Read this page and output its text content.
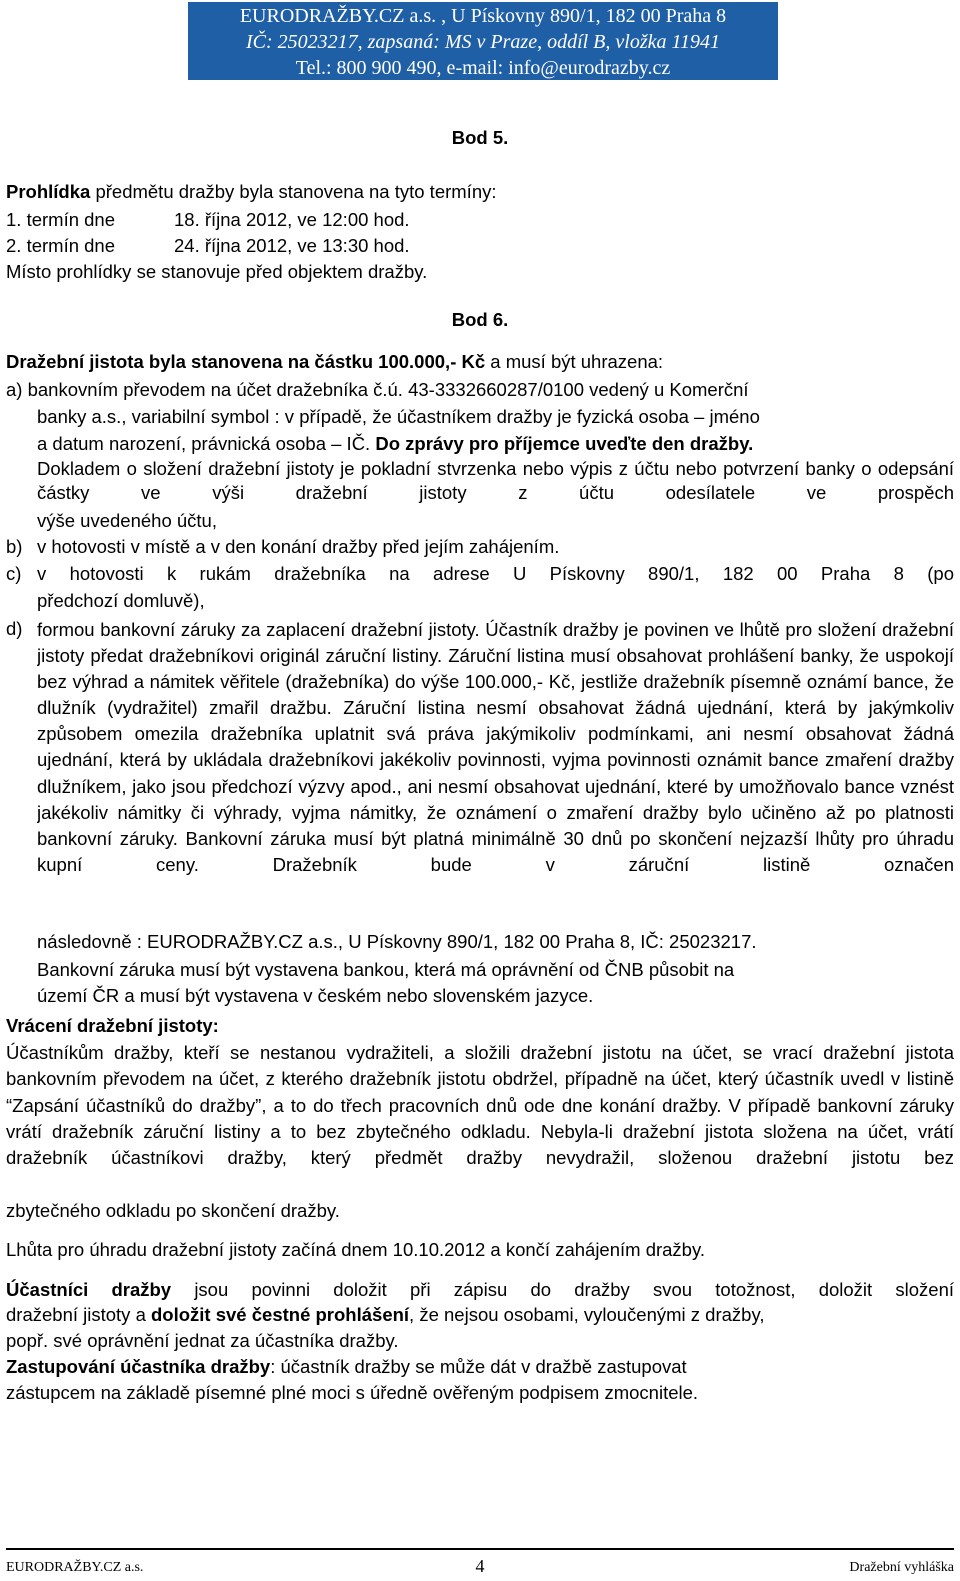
EURODRAŽBY.CZ a.s. , U Pískovny 890/1, 182 00 Praha 8
IČ: 25023217, zapsaná: MS v Praze, oddíl B, vložka 11941
Tel.: 800 900 490, e-mail: info@eurodrazby.cz
Bod 5.
Prohlídka předmětu dražby byla stanovena na tyto termíny:
1. termín dne	18. října 2012, ve 12:00 hod.
2. termín dne	24. října 2012, ve 13:30 hod.
Místo prohlídky se stanovuje před objektem dražby.
Bod 6.
Dražební jistota byla stanovena na částku 100.000,- Kč a musí být uhrazena:
a) bankovním převodem na účet dražebníka č.ú. 43-3332660287/0100 vedený u Komerční
banky a.s., variabilní symbol : v případě, že účastníkem dražby je fyzická osoba – jméno
a datum narození, právnická osoba – IČ. Do zprávy pro příjemce uveďte den dražby.
Dokladem o složení dražební jistoty je pokladní stvrzenka nebo výpis z účtu nebo potvrzení banky o odepsání částky ve výši dražební jistoty z účtu odesílatele ve prospěch
výše uvedeného účtu,
b) v hotovosti v místě a v den konání dražby před jejím zahájením.
c) v hotovosti k rukám dražebníka na adrese U Pískovny 890/1, 182 00 Praha 8 (po
předchozí domluvě),
d) formou bankovní záruky za zaplacení dražební jistoty. Účastník dražby je povinen ve lhůtě pro složení dražební jistoty předat dražebníkovi originál záruční listiny. Záruční listina musí obsahovat prohlášení banky, že uspokojí bez výhrad a námitek věřitele (dražebníka) do výše 100.000,- Kč, jestliže dražebník písemně oznámí bance, že dlužník (vydražitel) zmařil dražbu. Záruční listina nesmí obsahovat žádná ujednání, která by jakýmkoliv způsobem omezila dražebníka uplatnit svá práva jakýmikoliv podmínkami, ani nesmí obsahovat žádná ujednání, která by ukládala dražebníkovi jakékoliv povinnosti, vyjma povinnosti oznámit bance zmaření dražby dlužníkem, jako jsou předchozí výzvy apod., ani nesmí obsahovat ujednání, které by umožňovalo bance vznést jakékoliv námitky či výhrady, vyjma námitky, že oznámení o zmaření dražby bylo učiněno až po platnosti bankovní záruky. Bankovní záruka musí být platná minimálně 30 dnů po skončení nejzazší lhůty pro úhradu kupní ceny. Dražebník bude v záruční listině označen
následovně : EURODRAŽBY.CZ a.s., U Pískovny 890/1, 182 00 Praha 8, IČ: 25023217.
Bankovní záruka musí být vystavena bankou, která má oprávnění od ČNB působit na
území ČR a musí být vystavena v českém nebo slovenském jazyce.
Vrácení dražební jistoty:
Účastníkům dražby, kteří se nestanou vydražiteli, a složili dražební jistotu na účet, se vrací dražební jistota bankovním převodem na účet, z kterého dražebník jistotu obdržel, případně na účet, který účastník uvedl v listině “Zapsání účastníků do dražby”, a to do třech pracovních dnů ode dne konání dražby. V případě bankovní záruky vrátí dražebník záruční listiny a to bez zbytečného odkladu. Nebyla-li dražební jistota složena na účet, vrátí dražebník účastníkovi dražby, který předmět dražby nevydražil, složenou dražební jistotu bez
zbytečného odkladu po skončení dražby.
Lhůta pro úhradu dražební jistoty začíná dnem 10.10.2012 a končí zahájením dražby.
Účastníci dražby jsou povinni doložit při zápisu do dražby svou totožnost, doložit složení
dražební jistoty a doložit své čestné prohlášení, že nejsou osobami, vyloučenými z dražby,
popř. své oprávnění jednat za účastníka dražby.
Zastupování účastníka dražby: účastník dražby se může dát v dražbě zastupovat
zástupcem na základě písemné plné moci s úředně ověřeným podpisem zmocnitele.
EURODRAŽBY.CZ a.s.	4	Dražební vyhláška
